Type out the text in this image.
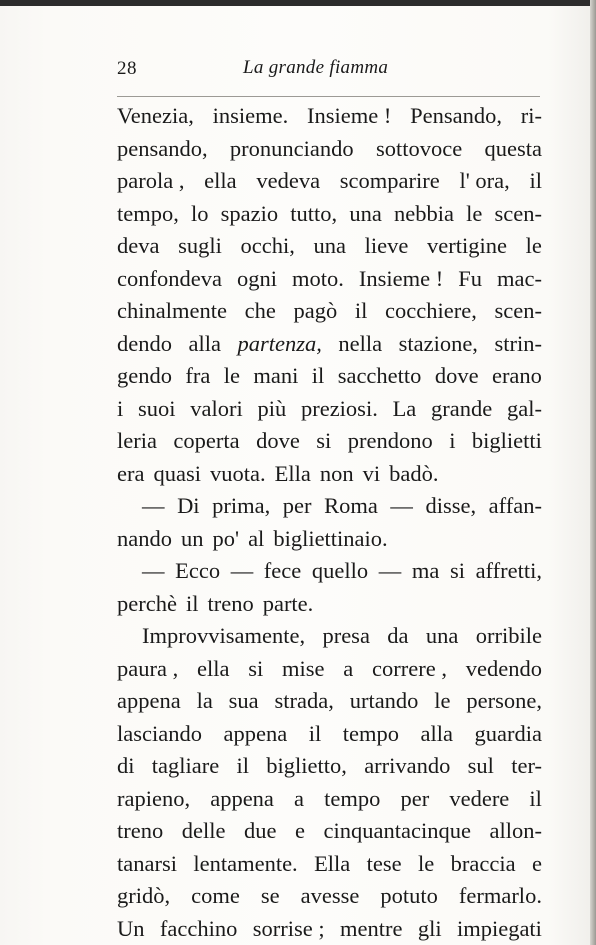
28	La grande fiamma
Venezia, insieme. Insieme ! Pensando, ri-
pensando, pronunciando sottovoce questa
parola , ella vedeva scomparire l' ora, il
tempo, lo spazio tutto, una nebbia le scen-
deva sugli occhi, una lieve vertigine le
confondeva ogni moto. Insieme ! Fu mac-
chinalmente che pagò il cocchiere, scen-
dendo alla partenza, nella stazione, strin-
gendo fra le mani il sacchetto dove erano
i suoi valori più preziosi. La grande gal-
leria coperta dove si prendono i biglietti
era quasi vuota. Ella non vi badò.
— Di prima, per Roma — disse, affan-
nando un po' al bigliettinaio.
— Ecco — fece quello — ma si affretti,
perchè il treno parte.
Improvvisamente, presa da una orribile
paura , ella si mise a correre , vedendo
appena la sua strada, urtando le persone,
lasciando appena il tempo alla guardia
di tagliare il biglietto, arrivando sul ter-
rapieno, appena a tempo per vedere il
treno delle due e cinquantacinque allon-
tanarsi lentamente. Ella tese le braccia e
gridò, come se avesse potuto fermarlo.
Un facchino sorrise ; mentre gli impiegati
